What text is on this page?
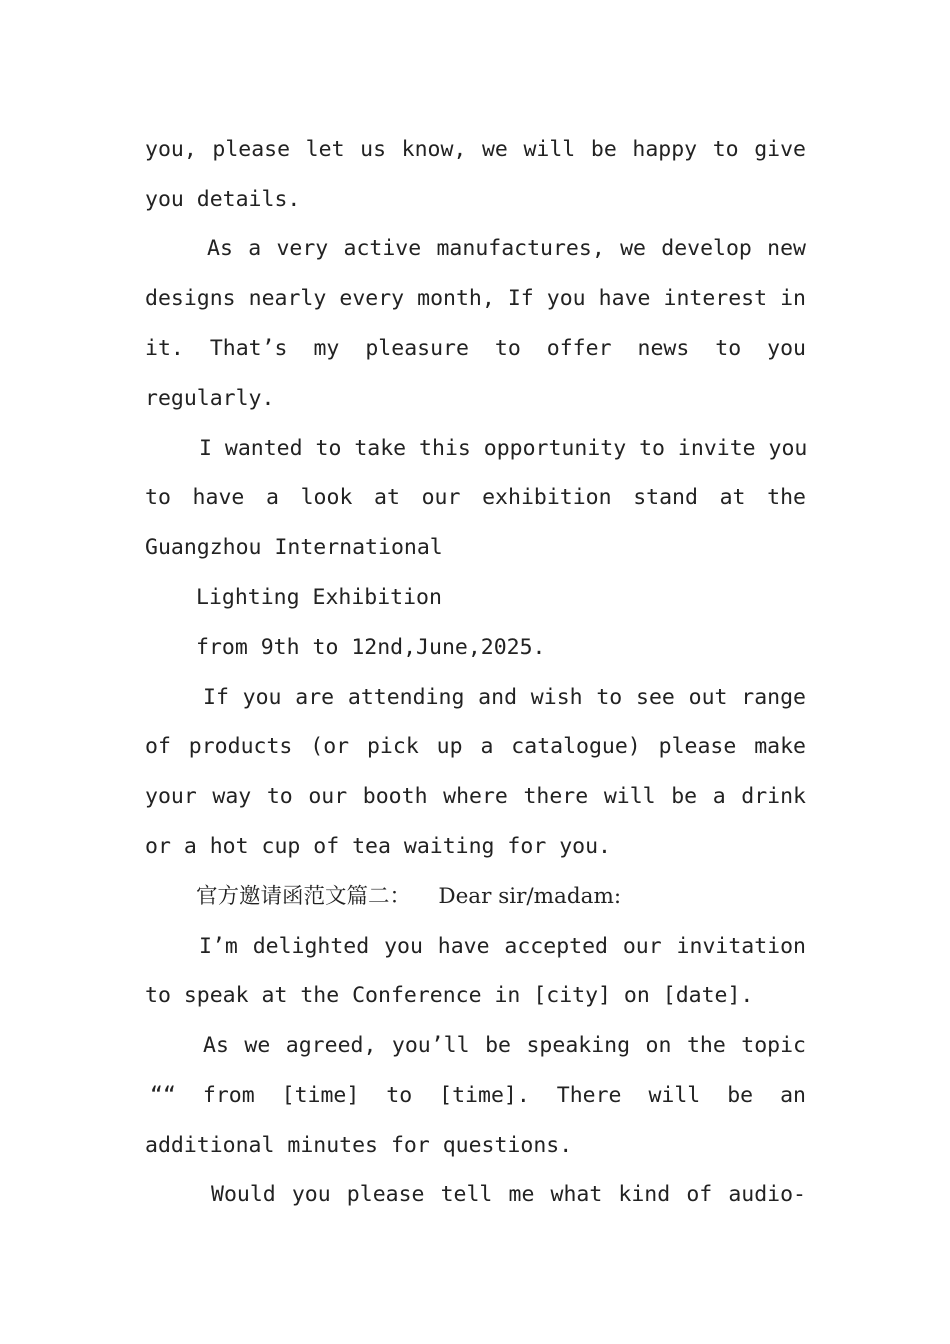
you, please let us know, we will be happy to give
you details.
As a very active manufactures, we develop new
designs nearly every month, If you have interest in
it. That’s my pleasure to offer news to you
regularly.
I wanted to take this opportunity to invite you
to have a look at our exhibition stand at the
Guangzhou International
Lighting Exhibition
from 9th to 12nd,June,2025.
If you are attending and wish to see out range
of products (or pick up a catalogue) please make
your way to our booth where there will be a drink
or a hot cup of tea waiting for you.
官方邀请函范文篇二：    Dear sir/madam:
I’m delighted you have accepted our invitation
to speak at the Conference in [city] on [date].
As we agreed, you’ll be speaking on the topic
““ from [time] to [time]. There will be an
additional minutes for questions.
Would you please tell me what kind of audio-
